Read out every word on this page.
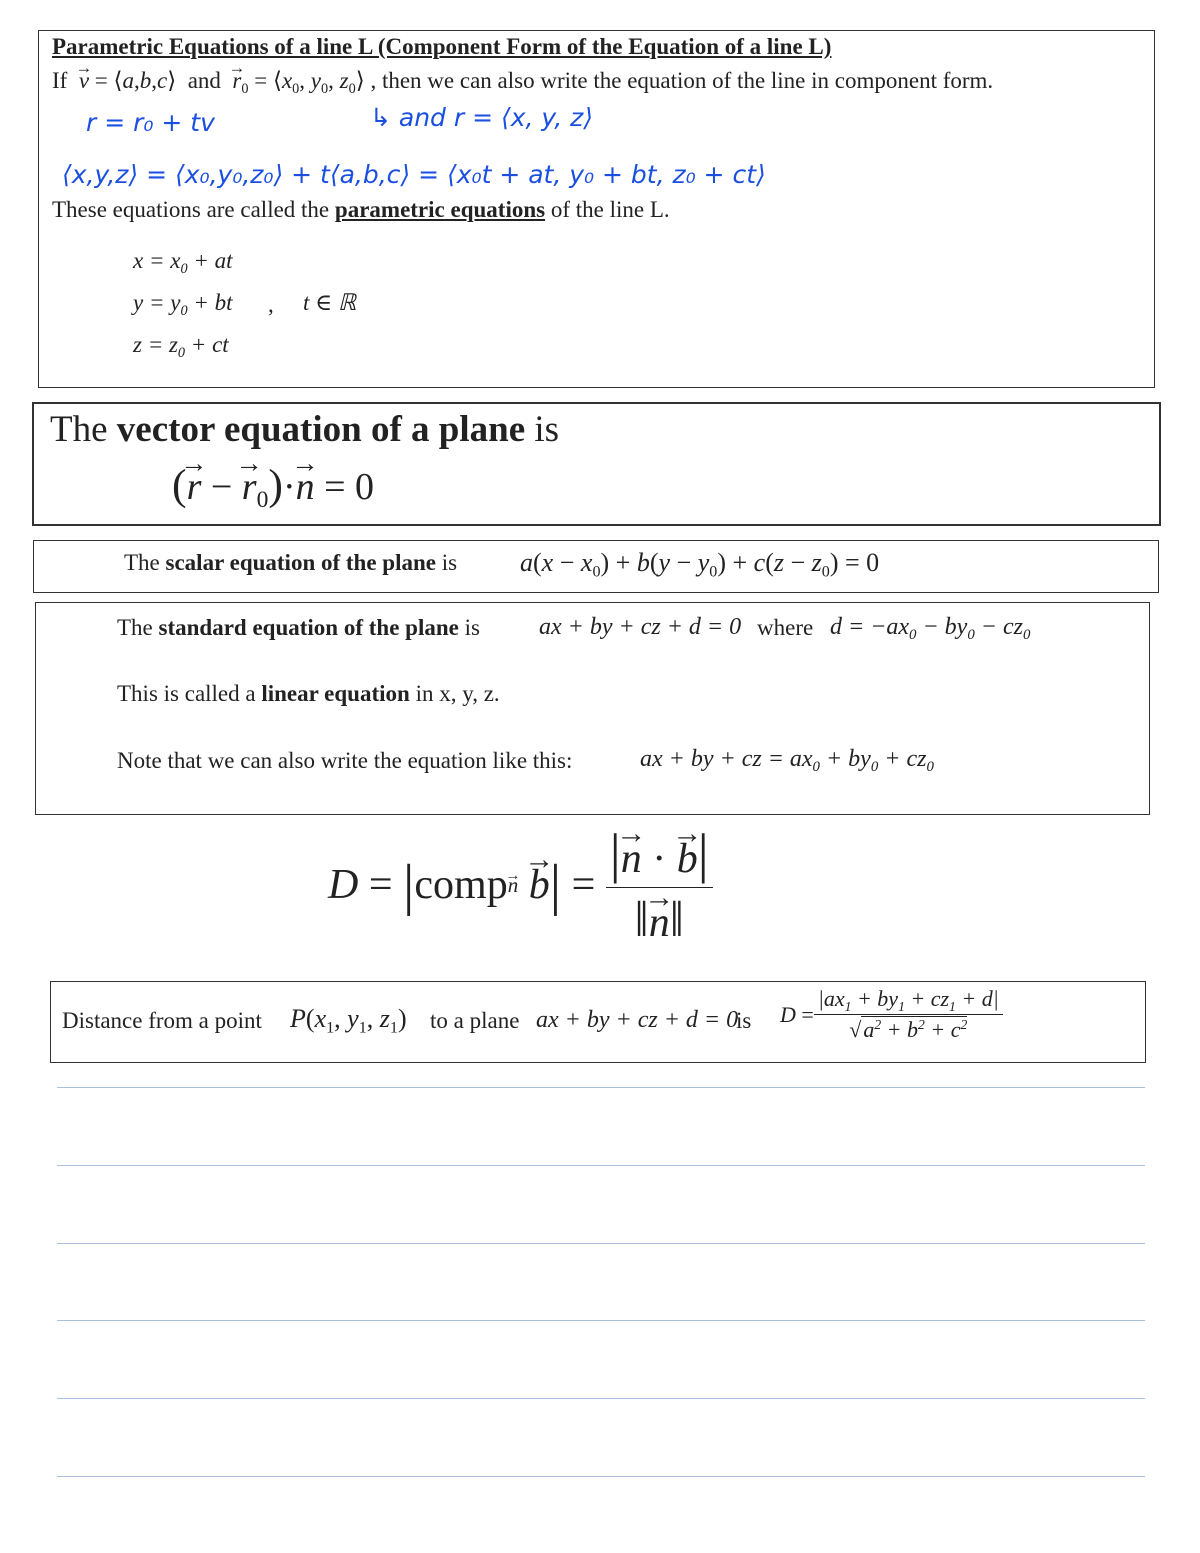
Parametric Equations of a line L (Component Form of the Equation of a line L)
If → v = ⟨a,b,c⟩  and → $r_0$ = $⟨x_0$, $y_0$, $z_0⟩$ , then we can also write the equation of the line in component form.
r = r₀ + tv	↳ and r = ⟨x, y, z⟩
⟨x,y,z⟩ = ⟨x₀,y₀,z₀⟩ + t⟨a,b,c⟩ = ⟨x₀t + at, y₀ + bt, z₀ + ct⟩
These equations are called the parametric equations of the line L.
$x = x_0$ + at
$y = y_0$ + bt , t ∈ ℝ
$z = z_0$ + ct
The vector equation of a plane is
(→ r − → $r_0)\cdot\to n = 0$
The scalar equation of the plane is $a(x - x_0) + b(y - y_0) + c(z - z_0) = 0$
The standard equation of the plane is ax + by + cz + d = 0 where $d = -ax_0 - by_0 - cz_0$
This is called a linear equation in x, y, z.
Note that we can also write the equation like this:	ax + by + cz = $ax_0 + by_0 + cz_0$
D = | comp n
→ b | = $\frac{|\to n \cdot \to b|}{‖\to n‖}$
Distance from a point $P(x_1$, $y_1$, $z_1$) to a plane ax + by + cz + d = 0
is $D = \frac{|ax_1 + by_1 + cz_1 + d|}{√a^2 + b^2 + c^2}$
